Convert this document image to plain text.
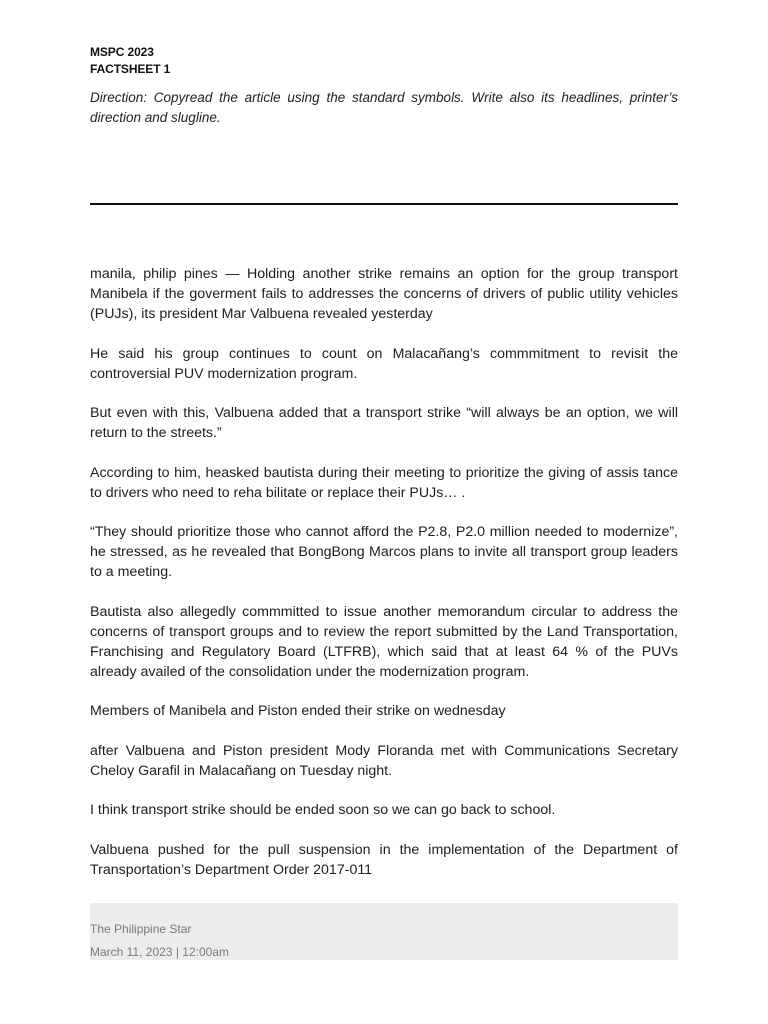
MSPC 2023
FACTSHEET 1
Direction: Copyread the article using the standard symbols. Write also its headlines, printer’s direction and slugline.

manila, philip pines — Holding another strike remains an option for the group transport Manibela if the goverment fails to addresses the concerns of drivers of public utility vehicles (PUJs), its president Mar Valbuena revealed yesterday

He said his group continues to count on Malacañang’s commmitment to revisit the controversial PUV modernization program.

But even with this, Valbuena added that a transport strike “will always be an option, we will return to the streets.”

According to him, heasked bautista during their meeting to prioritize the giving of assis tance to drivers who need to reha bilitate or replace their PUJs… .

“They should prioritize those who cannot afford the P2.8, P2.0 million needed to modernize”, he stressed, as he revealed that BongBong Marcos plans to invite all transport group leaders to a meeting.

Bautista also allegedly commmitted to issue another memorandum circular to address the concerns of transport groups and to review the report submitted by the Land Transportation, Franchising and Regulatory Board (LTFRB), which said that at least 64 % of the PUVs already availed of the consolidation under the modernization program.

Members of Manibela and Piston ended their strike on wednesday

after Valbuena and Piston president Mody Floranda met with Communications Secretary Cheloy Garafil in Malacañang on Tuesday night.

I think transport strike should be ended soon so we can go back to school.

Valbuena pushed for the pull suspension in the implementation of the Department of Transportation’s Department Order 2017-011

The Philippine Star
March 11, 2023 | 12:00am
